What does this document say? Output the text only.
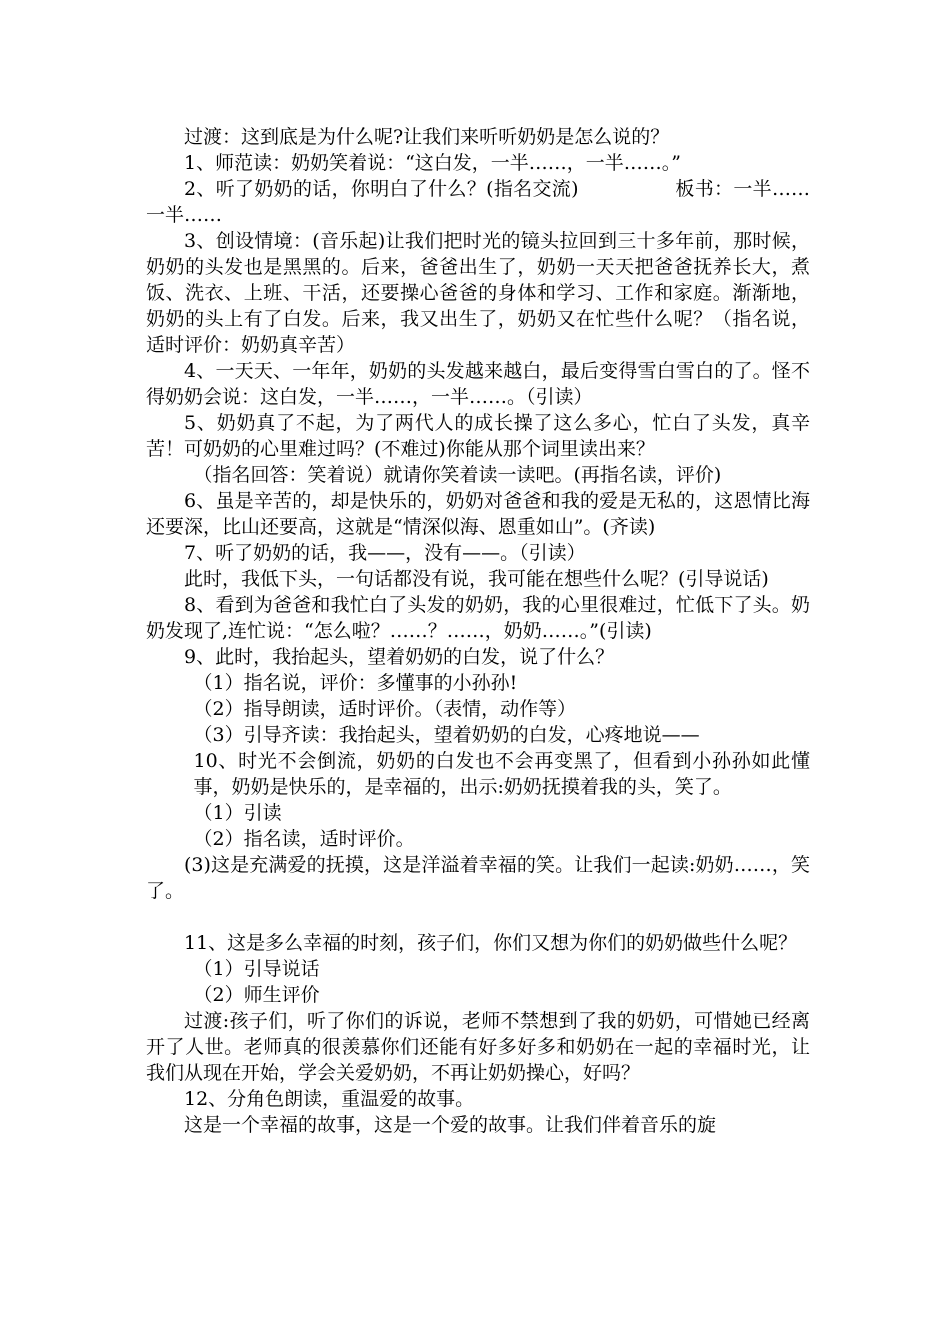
过渡：这到底是为什么呢?让我们来听听奶奶是怎么说的？

1、师范读：奶奶笑着说：“这白发，一半……，一半……。”

2、听了奶奶的话，你明白了什么？(指名交流)　　　　　板书：一半……一半……

3、创设情境：(音乐起)让我们把时光的镜头拉回到三十多年前，那时候，奶奶的头发也是黑黑的。后来，爸爸出生了，奶奶一天天把爸爸抚养长大，煮饭、洗衣、上班、干活，还要操心爸爸的身体和学习、工作和家庭。渐渐地，奶奶的头上有了白发。后来，我又出生了，奶奶又在忙些什么呢？（指名说，适时评价：奶奶真辛苦）

4、一天天、一年年，奶奶的头发越来越白，最后变得雪白雪白的了。怪不得奶奶会说：这白发，一半……，一半……。（引读）

5、奶奶真了不起，为了两代人的成长操了这么多心，忙白了头发，真辛苦！可奶奶的心里难过吗？(不难过)你能从那个词里读出来？

（指名回答：笑着说）就请你笑着读一读吧。(再指名读，评价)

6、虽是辛苦的，却是快乐的，奶奶对爸爸和我的爱是无私的，这恩情比海还要深，比山还要高，这就是“情深似海、恩重如山”。(齐读)

7、听了奶奶的话，我——，没有——。（引读）

此时，我低下头，一句话都没有说，我可能在想些什么呢？(引导说话)

8、看到为爸爸和我忙白了头发的奶奶，我的心里很难过，忙低下了头。奶奶发现了,连忙说：“怎么啦？……？……，奶奶……。”(引读)

9、此时，我抬起头，望着奶奶的白发，说了什么？

（1）指名说，评价：多懂事的小孙孙!

（2）指导朗读，适时评价。（表情，动作等）

（3）引导齐读：我抬起头，望着奶奶的白发，心疼地说——

10、时光不会倒流，奶奶的白发也不会再变黑了，但看到小孙孙如此懂事，奶奶是快乐的，是幸福的，出示:奶奶抚摸着我的头，笑了。

（1）引读

（2）指名读，适时评价。

(3)这是充满爱的抚摸，这是洋溢着幸福的笑。让我们一起读:奶奶……，笑了。

11、这是多么幸福的时刻，孩子们，你们又想为你们的奶奶做些什么呢？

（1）引导说话

（2）师生评价

过渡:孩子们，听了你们的诉说，老师不禁想到了我的奶奶，可惜她已经离开了人世。老师真的很羡慕你们还能有好多好多和奶奶在一起的幸福时光，让我们从现在开始，学会关爱奶奶，不再让奶奶操心，好吗？

12、分角色朗读，重温爱的故事。

这是一个幸福的故事，这是一个爱的故事。让我们伴着音乐的旋
